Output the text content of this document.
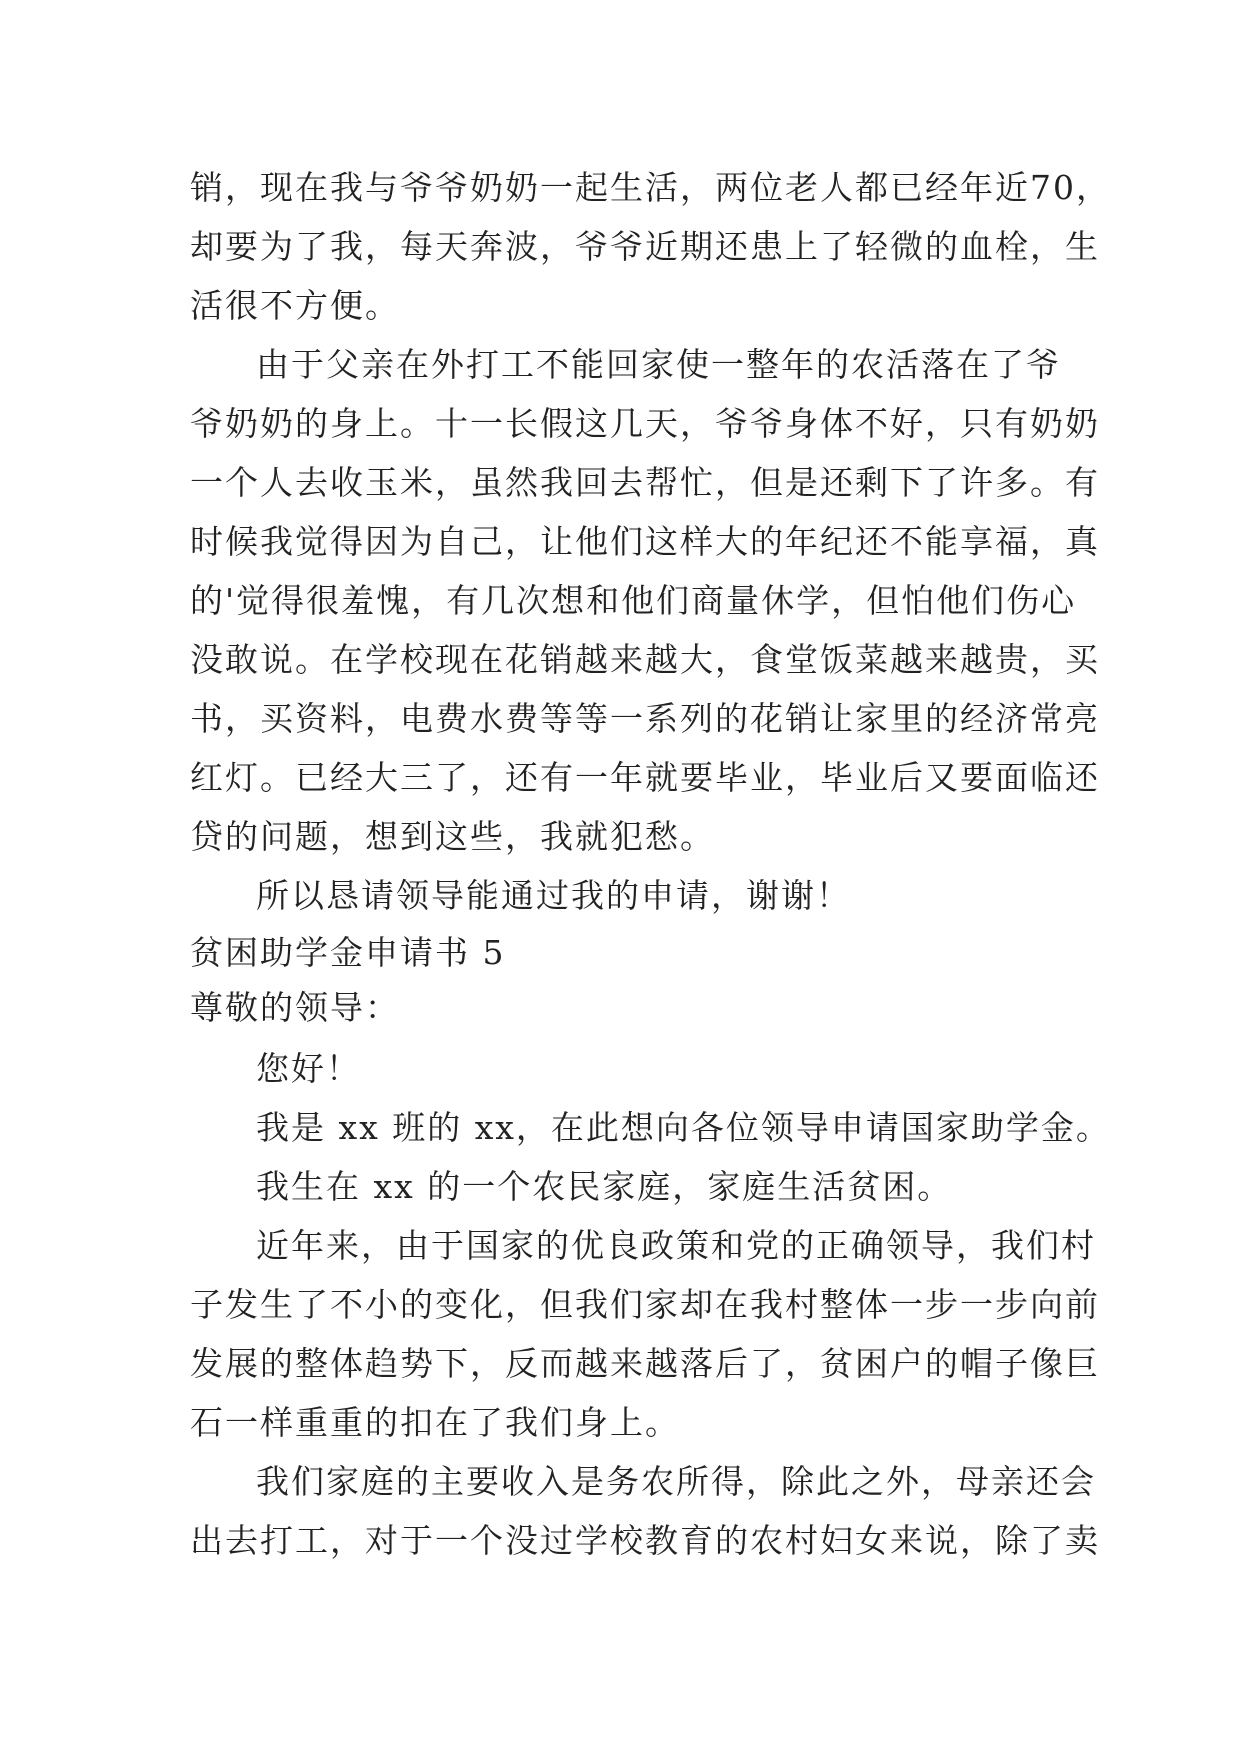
销，现在我与爷爷奶奶一起生活，两位老人都已经年近70，
却要为了我，每天奔波，爷爷近期还患上了轻微的血栓，生
活很不方便。
由于父亲在外打工不能回家使一整年的农活落在了爷
爷奶奶的身上。十一长假这几天，爷爷身体不好，只有奶奶
一个人去收玉米，虽然我回去帮忙，但是还剩下了许多。有
时候我觉得因为自己，让他们这样大的年纪还不能享福，真
的'觉得很羞愧，有几次想和他们商量休学，但怕他们伤心
没敢说。在学校现在花销越来越大，食堂饭菜越来越贵，买
书，买资料，电费水费等等一系列的花销让家里的经济常亮
红灯。已经大三了，还有一年就要毕业，毕业后又要面临还
贷的问题，想到这些，我就犯愁。
所以恳请领导能通过我的申请，谢谢！
贫困助学金申请书 5
尊敬的领导：
您好！
我是 xx 班的 xx，在此想向各位领导申请国家助学金。
我生在 xx 的一个农民家庭，家庭生活贫困。
近年来，由于国家的优良政策和党的正确领导，我们村
子发生了不小的变化，但我们家却在我村整体一步一步向前
发展的整体趋势下，反而越来越落后了，贫困户的帽子像巨
石一样重重的扣在了我们身上。
我们家庭的主要收入是务农所得，除此之外，母亲还会
出去打工，对于一个没过学校教育的农村妇女来说，除了卖
